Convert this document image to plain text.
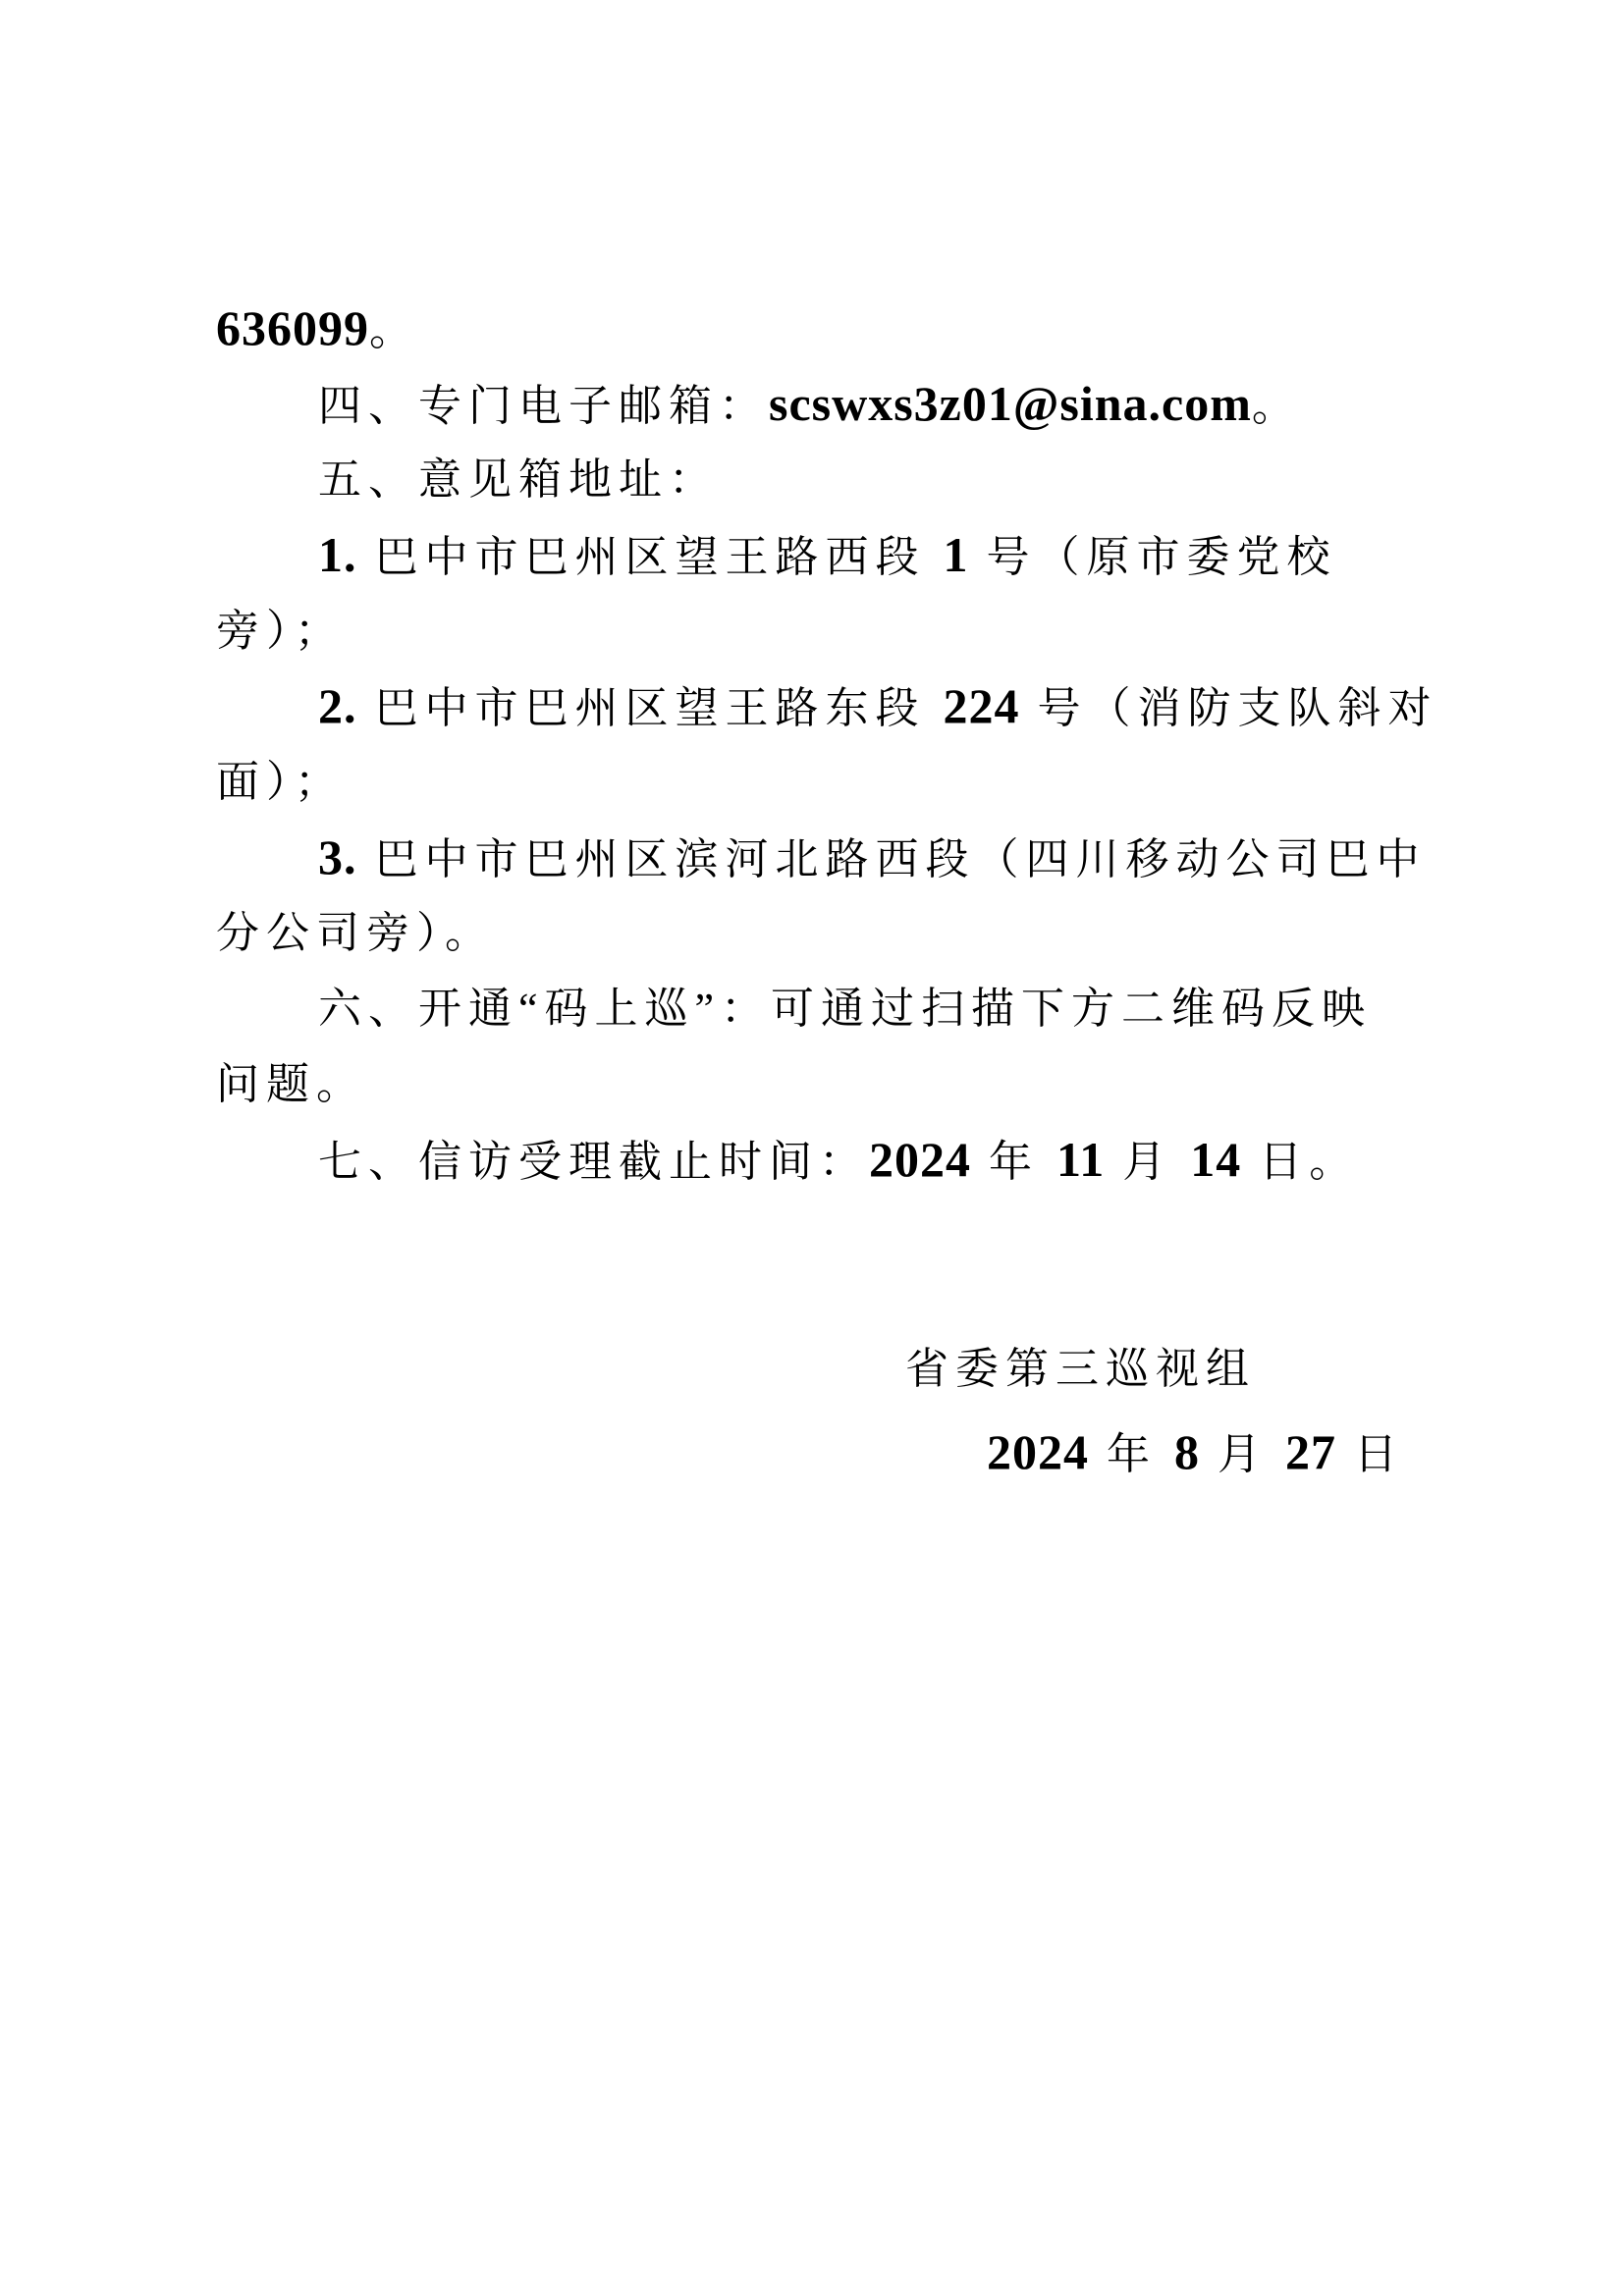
636099。
四、专门电子邮箱：scswxs3z01@sina.com。
五、意见箱地址：
1. 巴中市巴州区望王路西段 1 号（原市委党校
旁）；
2. 巴中市巴州区望王路东段 224 号（消防支队斜对
面）；
3. 巴中市巴州区滨河北路西段（四川移动公司巴中
分公司旁）。
六、开通“码上巡”：可通过扫描下方二维码反映
问题。
七、信访受理截止时间：2024 年 11 月 14 日。
省委第三巡视组
2024 年 8 月 27 日
